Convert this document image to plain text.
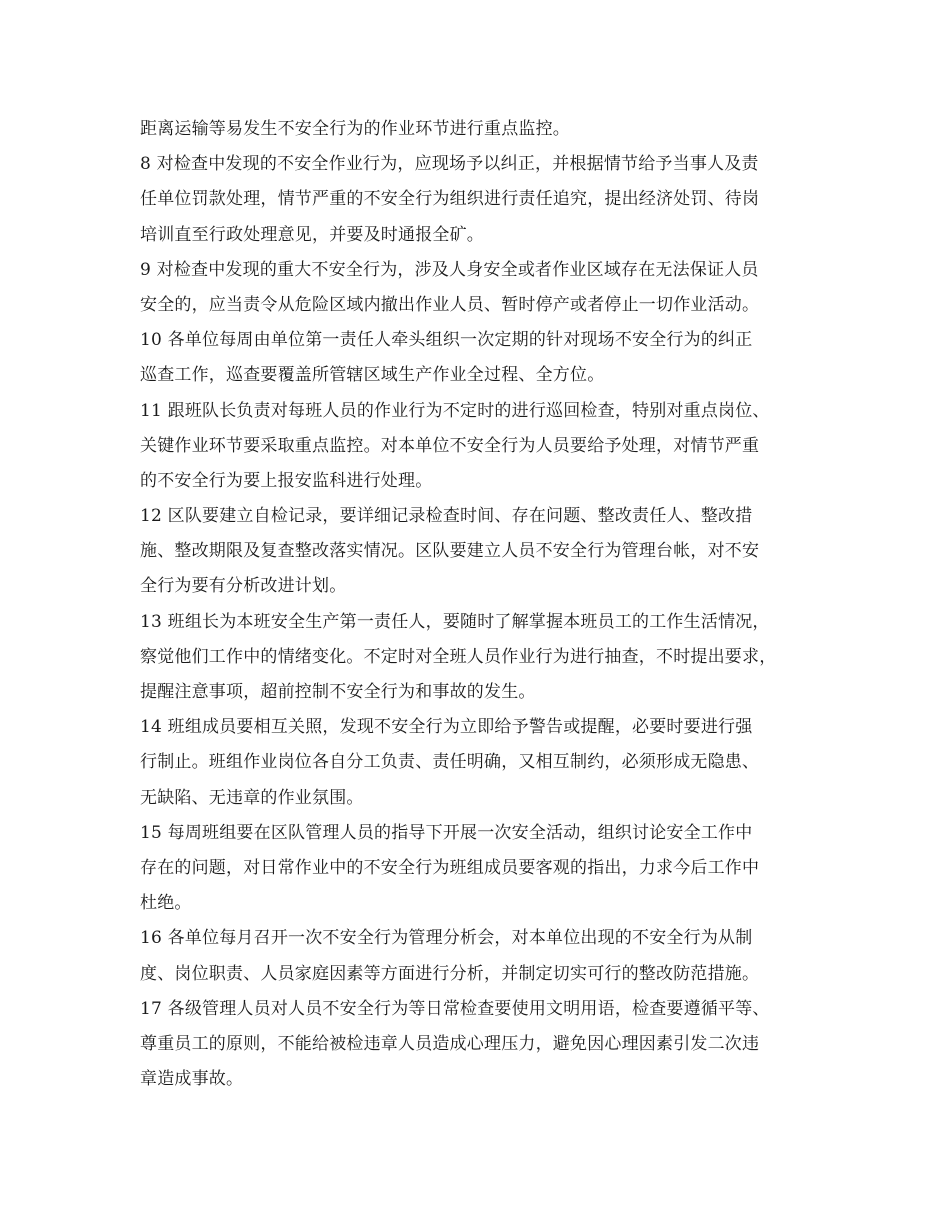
距离运输等易发生不安全行为的作业环节进行重点监控。
8 对检查中发现的不安全作业行为，应现场予以纠正，并根据情节给予当事人及责
任单位罚款处理，情节严重的不安全行为组织进行责任追究，提出经济处罚、待岗
培训直至行政处理意见，并要及时通报全矿。
9 对检查中发现的重大不安全行为，涉及人身安全或者作业区域存在无法保证人员
安全的，应当责令从危险区域内撤出作业人员、暂时停产或者停止一切作业活动。
10 各单位每周由单位第一责任人牵头组织一次定期的针对现场不安全行为的纠正
巡查工作，巡查要覆盖所管辖区域生产作业全过程、全方位。
11 跟班队长负责对每班人员的作业行为不定时的进行巡回检查，特别对重点岗位、
关键作业环节要采取重点监控。对本单位不安全行为人员要给予处理，对情节严重
的不安全行为要上报安监科进行处理。
12 区队要建立自检记录，要详细记录检查时间、存在问题、整改责任人、整改措
施、整改期限及复查整改落实情况。区队要建立人员不安全行为管理台帐，对不安
全行为要有分析改进计划。
13 班组长为本班安全生产第一责任人，要随时了解掌握本班员工的工作生活情况，
察觉他们工作中的情绪变化。不定时对全班人员作业行为进行抽查，不时提出要求，
提醒注意事项，超前控制不安全行为和事故的发生。
14 班组成员要相互关照，发现不安全行为立即给予警告或提醒，必要时要进行强
行制止。班组作业岗位各自分工负责、责任明确，又相互制约，必须形成无隐患、
无缺陷、无违章的作业氛围。
15 每周班组要在区队管理人员的指导下开展一次安全活动，组织讨论安全工作中
存在的问题，对日常作业中的不安全行为班组成员要客观的指出，力求今后工作中
杜绝。
16 各单位每月召开一次不安全行为管理分析会，对本单位出现的不安全行为从制
度、岗位职责、人员家庭因素等方面进行分析，并制定切实可行的整改防范措施。
17 各级管理人员对人员不安全行为等日常检查要使用文明用语，检查要遵循平等、
尊重员工的原则，不能给被检违章人员造成心理压力，避免因心理因素引发二次违
章造成事故。
